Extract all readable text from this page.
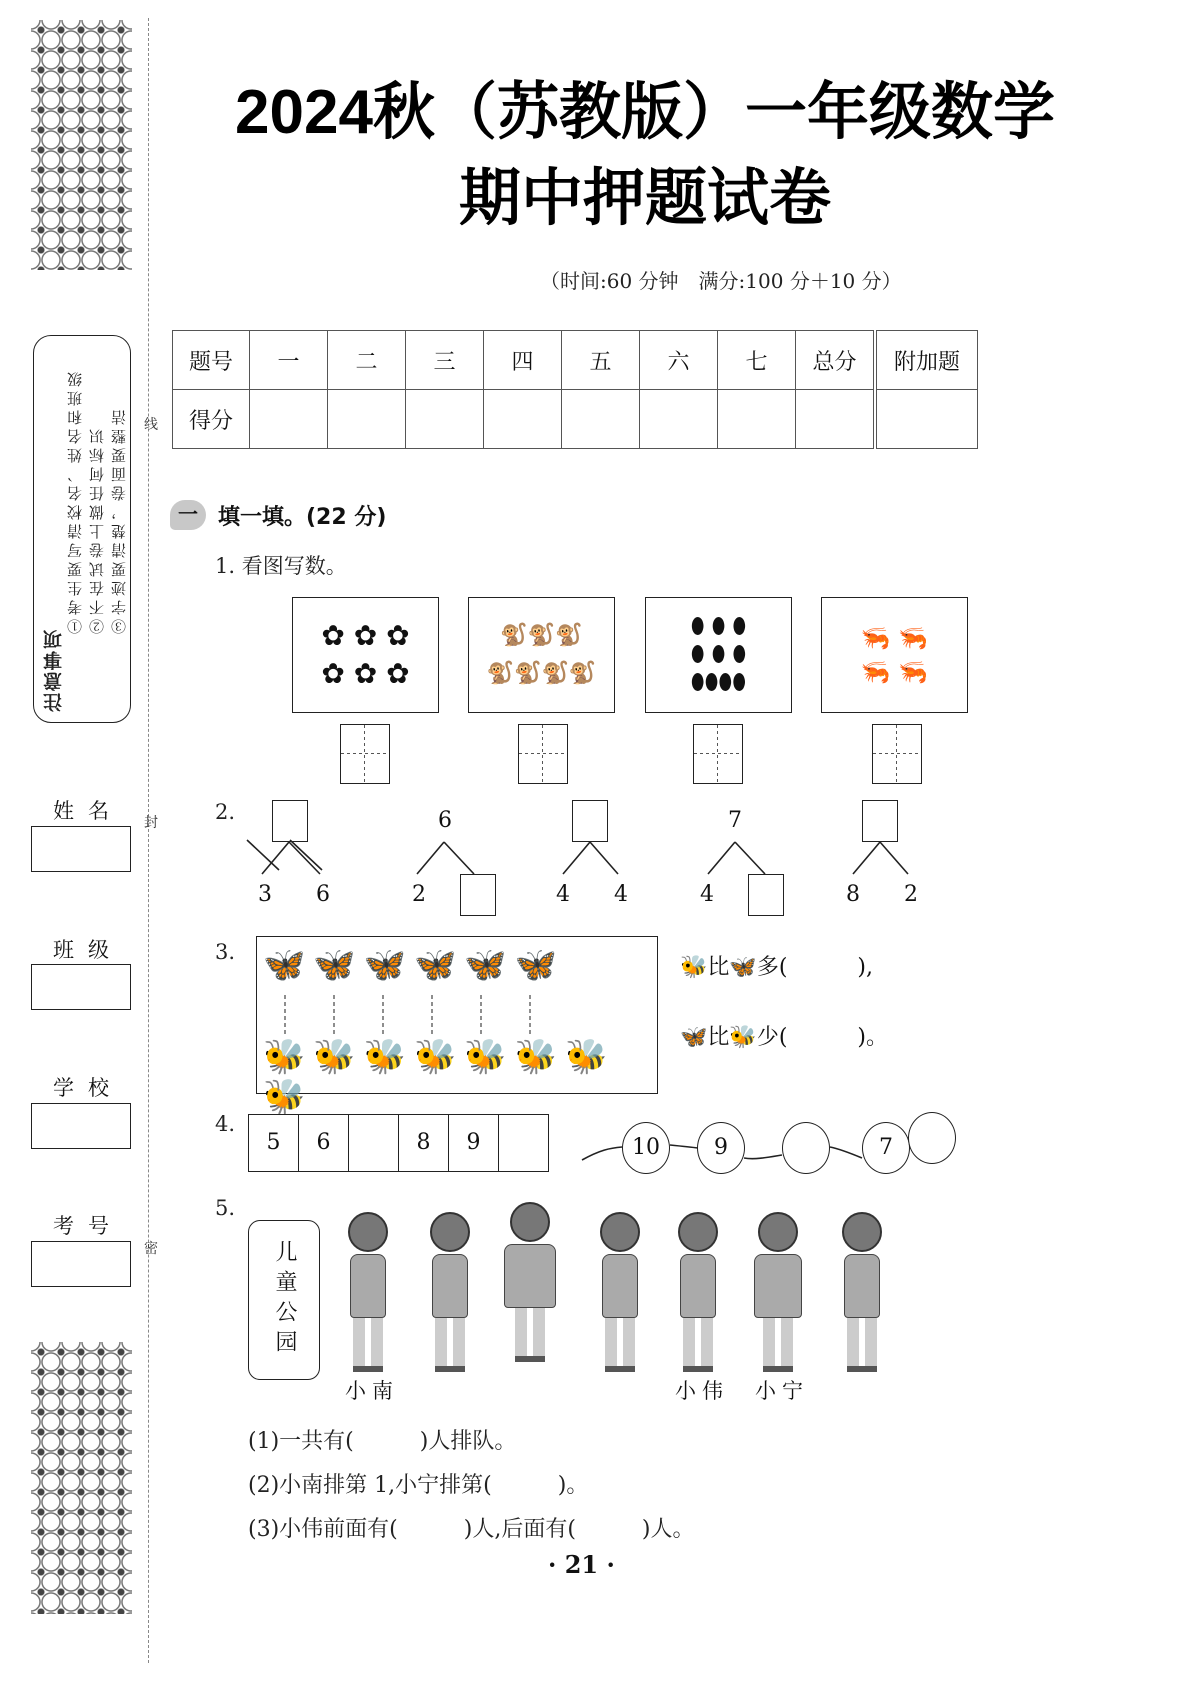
线
封
密
注意事项
①考生要写清校名、姓名和班级 ②不在试卷上做任何标识 ③字迹要清楚，卷面要整洁
姓名
班级
学校
考号
2024秋（苏教版）一年级数学
期中押题试卷
（时间:60 分钟　满分:100 分＋10 分）
题号	一	二	三	四	五	六	七	总分		附加题
得分										
一 填一填。(22 分)
1. 看图写数。
✿ ✿ ✿
✿ ✿ ✿
🐒🐒🐒
🐒🐒🐒🐒
⬮ ⬮ ⬮
⬮ ⬮ ⬮
⬮⬮⬮⬮
🦐 🦐
🦐 🦐
2.
3 6
6
2	4 4
7
4	8 2
3. 🦋🦋🦋🦋🦋🦋
🐝🐝🐝🐝🐝🐝🐝🐝
🐝比🦋多(	),
🦋比🐝少(	)。
4.
5	6	8	9	10	9	7
5.
儿童公园
小南	小伟 小宁
(1)一共有(　　　)人排队。
(2)小南排第 1,小宁排第(　　　)。
(3)小伟前面有(　　　)人,后面有(　　　)人。
· 21 ·
